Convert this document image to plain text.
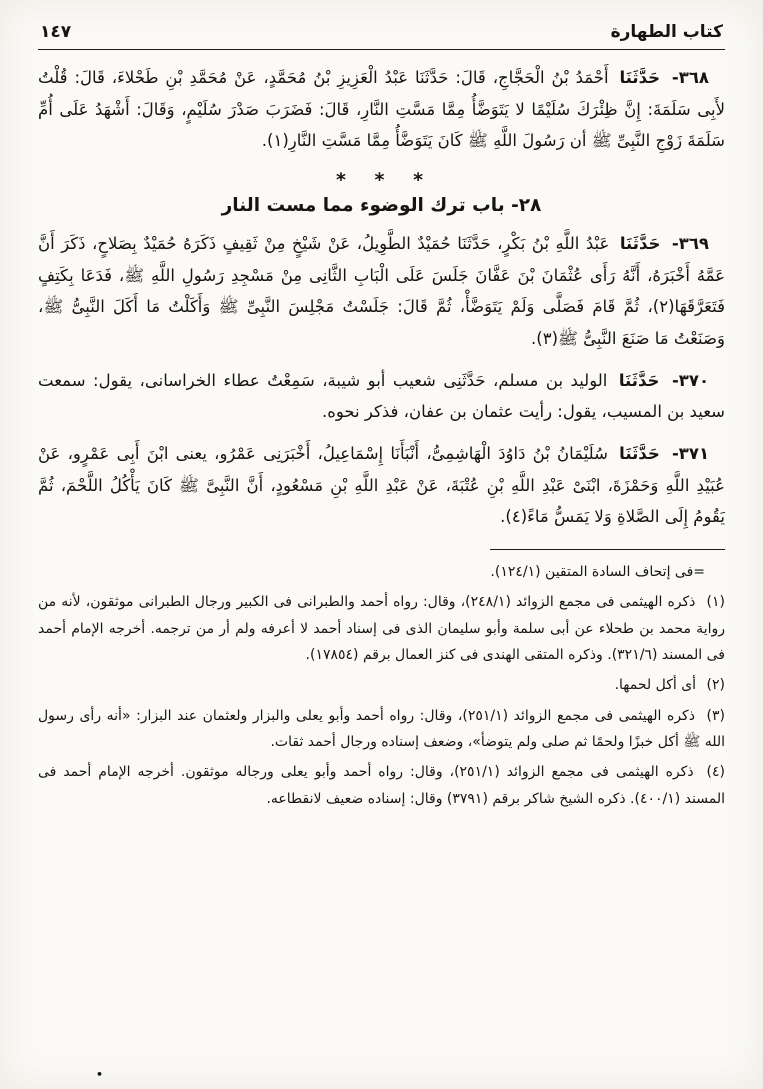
كتاب الطهارة
١٤٧

٣٦٨- حَدَّثَنَا أَحْمَدُ بْنُ الْحَجَّاجِ، قَالَ: حَدَّثَنَا عَبْدُ الْعَزِيزِ بْنُ مُحَمَّدٍ، عَنْ مُحَمَّدِ بْنِ طَحْلاءَ، قَالَ: قُلْتُ لأَبِى سَلَمَةَ: إِنَّ ظِئْرَكَ سُلَيْمًا لا يَتَوَضَّأُ مِمَّا مَسَّتِ النَّارِ، قَالَ: فَضَرَبَ صَدْرَ سُلَيْمٍ، وَقَالَ: أَشْهَدُ عَلَى أُمِّ سَلَمَةَ زَوْجِ النَّبِىِّ ﷺ أن رَسُولَ اللَّهِ ﷺ كَانَ يَتَوَضَّأُ مِمَّا مَسَّتِ النَّارِ(١).

* * *
٢٨- باب ترك الوضوء مما مست النار

٣٦٩- حَدَّثَنَا عَبْدُ اللَّهِ بْنُ بَكْرٍ، حَدَّثَنَا حُمَيْدٌ الطَّوِيلُ، عَنْ شَيْخٍ مِنْ ثَقِيفٍ ذَكَرَهُ حُمَيْدٌ بِصَلاحٍ، ذَكَرَ أَنَّ عَمَّهُ أَخْبَرَهُ، أَنَّهُ رَأَى عُثْمَانَ بْنَ عَفَّانَ جَلَسَ عَلَى الْبَابِ الثَّانِى مِنْ مَسْجِدِ رَسُولِ اللَّهِ ﷺ، فَدَعَا بِكَتِفٍ فَتَعَرَّقَهَا(٢)، ثُمَّ قَامَ فَصَلَّى وَلَمْ يَتَوَضَّأْ، ثُمَّ قَالَ: جَلَسْتُ مَجْلِسَ النَّبِىِّ ﷺ وَأَكَلْتُ مَا أَكَلَ النَّبِىُّ ﷺ، وَصَنَعْتُ مَا صَنَعَ النَّبِىُّ ﷺ(٣).

٣٧٠- حَدَّثَنَا الوليد بن مسلم، حَدَّثَنِى شعيب أبو شيبة، سَمِعْتُ عطاء الخراسانى، يقول: سمعت سعيد بن المسيب، يقول: رأيت عثمان بن عفان، فذكر نحوه.

٣٧١- حَدَّثَنَا سُلَيْمَانُ بْنُ دَاوُدَ الْهَاشِمِىُّ، أَنْبَأَنَا إِسْمَاعِيلُ، أَخْبَرَنِى عَمْرُو، يعنى ابْنَ أَبِى عَمْرٍو، عَنْ عُبَيْدِ اللَّهِ وَحَمْزَةَ، ابْنَىْ عَبْدِ اللَّهِ بْنِ عُتْبَةَ، عَنْ عَبْدِ اللَّهِ بْنِ مَسْعُودٍ، أَنَّ النَّبِىَّ ﷺ كَانَ يَأْكُلُ اللَّحْمَ، ثُمَّ يَقُومُ إِلَى الصَّلاةِ وَلا يَمَسُّ مَاءً(٤).

=فى إتحاف السادة المتقين (١٢٤/١).

(١) ذكره الهيثمى فى مجمع الزوائد (٢٤٨/١)، وقال: رواه أحمد والطبرانى فى الكبير ورجال الطبرانى موثقون، لأنه من رواية محمد بن طحلاء عن أبى سلمة وأبو سليمان الذى فى إسناد أحمد لا أعرفه ولم أر من ترجمه. أخرجه الإمام أحمد فى المسند (٣٢١/٦). وذكره المتقى الهندى فى كنز العمال برقم (١٧٨٥٤).

(٢) أى أكل لحمها.

(٣) ذكره الهيثمى فى مجمع الزوائد (٢٥١/١)، وقال: رواه أحمد وأبو يعلى والبزار ولعثمان عند البزار: «أنه رأى رسول الله ﷺ أكل خبزًا ولحمًا ثم صلى ولم يتوضأ»، وضعف إسناده ورجال أحمد ثقات.

(٤) ذكره الهيثمى فى مجمع الزوائد (٢٥١/١)، وقال: رواه أحمد وأبو يعلى ورجاله موثقون. أخرجه الإمام أحمد فى المسند (٤٠٠/١). ذكره الشيخ شاكر برقم (٣٧٩١) وقال: إسناده ضعيف لانقطاعه.

•
